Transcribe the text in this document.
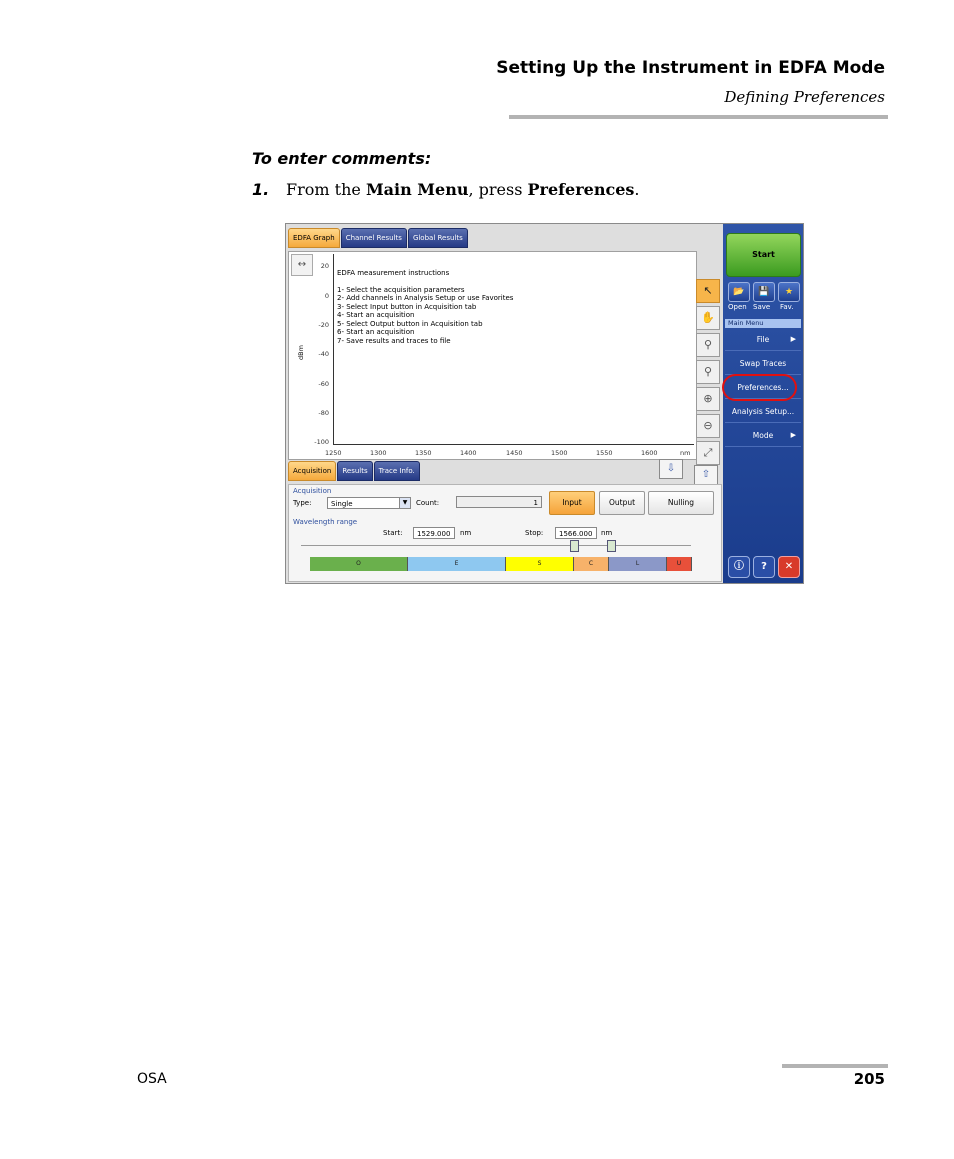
Setting Up the Instrument in EDFA Mode
Defining Preferences
To enter comments:
1. From the Main Menu, press Preferences.
EDFA Graph	Channel Results	Global Results
↔	20
0
-20
-40
-60
-80
-100
dBm
1250	1300	1350	1400	1450	1500	1550	1600	nm
EDFA measurement instructions
1- Select the acquisition parameters
2- Add channels in Analysis Setup or use Favorites
3- Select Input button in Acquisition tab
4- Start an acquisition
5- Select Output button in Acquisition tab
6- Start an acquisition
7- Save results and traces to file
↖
✋
⚲
⚲
⊕
⊖
⤢
Acquisition	Results	Trace Info.	⇩
⇧
Acquisition
Type:	Single	▼	Count:	1	Input	Output	Nulling
Wavelength range
Start:	1529.000	nm	Stop:	1566.000	nm
O	E	S	C	L	U
Start
📂	💾	★
Open Save Fav.
Main Menu
File	▶
Swap Traces
Preferences...
Analysis Setup...
Mode ▶
ⓘ	?	✕
OSA	205
